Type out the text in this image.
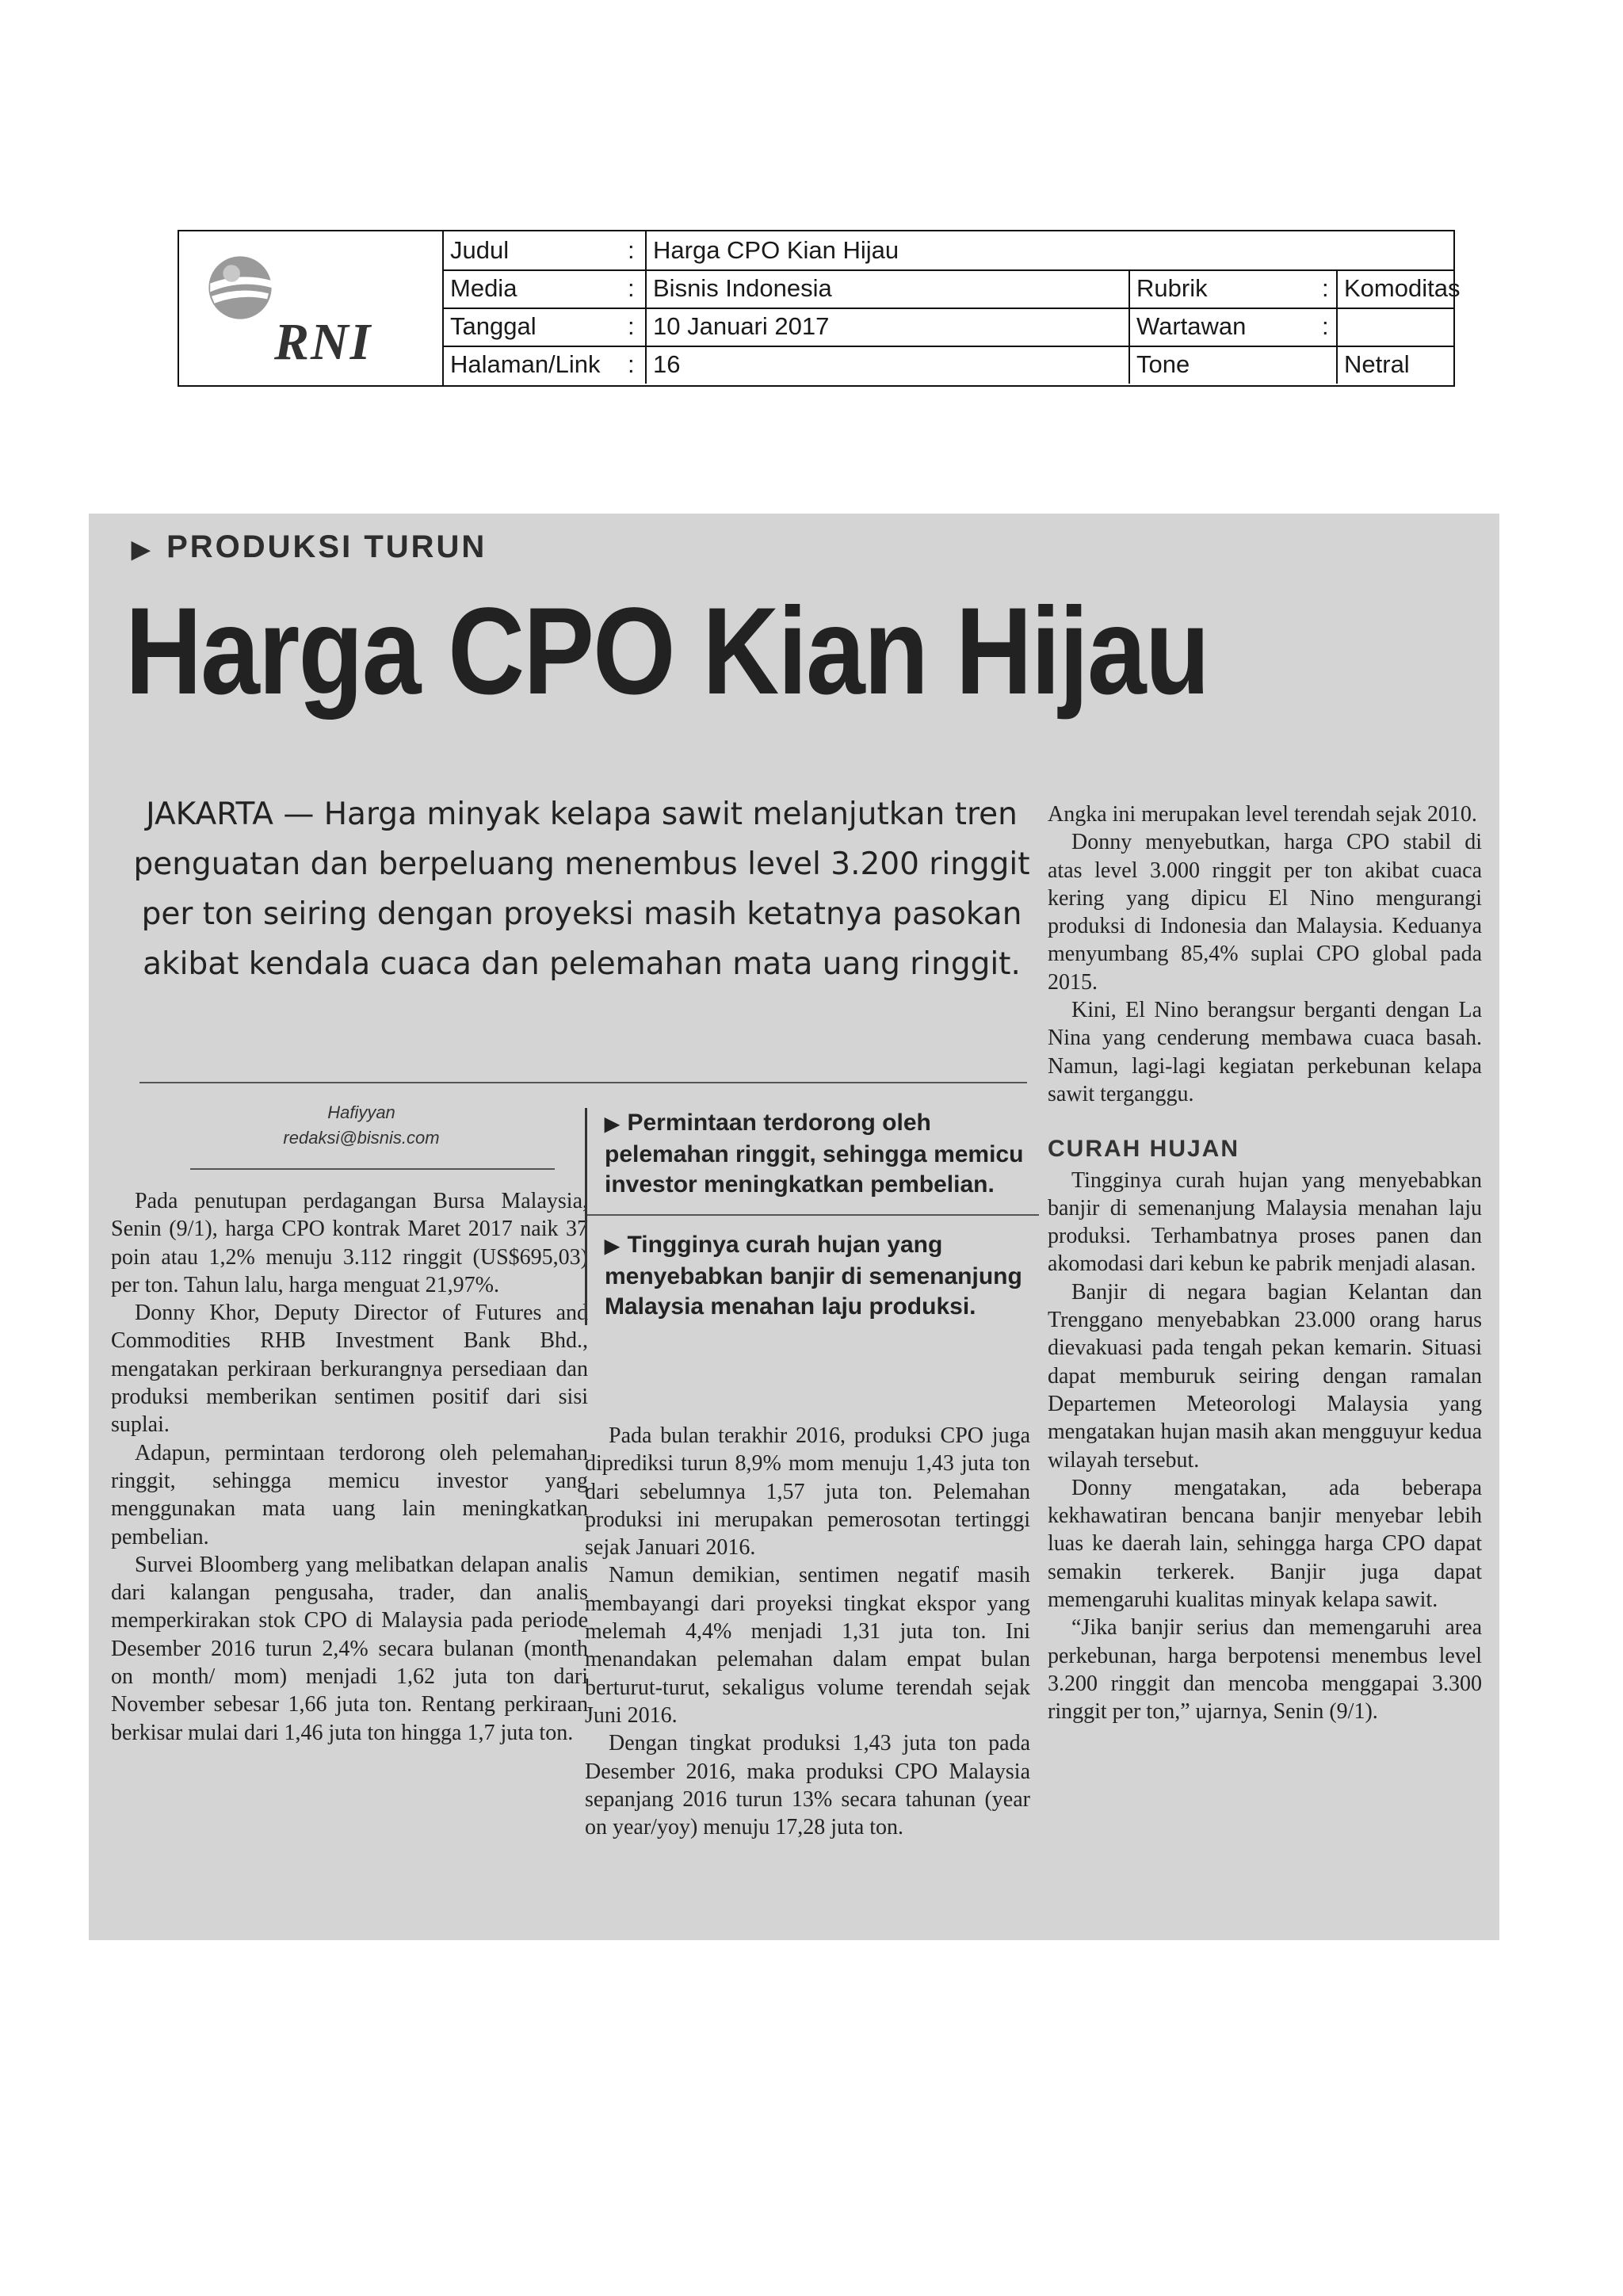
RNI
Judul	: Harga CPO Kian Hijau
Media	: Bisnis Indonesia	Rubrik	: Komoditas
Tanggal	: 10 Januari 2017	Wartawan	:
Halaman/Link : 16	Tone	Netral
▶ PRODUKSI TURUN
Harga CPO Kian Hijau
JAKARTA — Harga minyak kelapa sawit melanjutkan tren penguatan dan berpeluang menembus level 3.200 ringgit per ton seiring dengan proyeksi masih ketatnya pasokan akibat kendala cuaca dan pelemahan mata uang ringgit.
Hafiyyan
redaksi@bisnis.com

Pada penutupan perdagangan Bursa Malaysia, Senin (9/1), harga CPO kontrak Maret 2017 naik 37 poin atau 1,2% menuju 3.112 ringgit (US$695,03) per ton. Tahun lalu, harga menguat 21,97%.

Donny Khor, Deputy Director of Futures and Commodities RHB Investment Bank Bhd., mengatakan perkiraan berkurangnya persediaan dan produksi memberikan sentimen positif dari sisi suplai.

Adapun, permintaan terdorong oleh pelemahan ringgit, sehingga memicu investor yang menggunakan mata uang lain meningkatkan pembelian.

Survei Bloomberg yang melibatkan delapan analis dari kalangan pengusaha, trader, dan analis memperkirakan stok CPO di Malaysia pada periode Desember 2016 turun 2,4% secara bulanan (month on month/ mom) menjadi 1,62 juta ton dari November sebesar 1,66 juta ton. Rentang perkiraan berkisar mulai dari 1,46 juta ton hingga 1,7 juta ton.

▶ Permintaan terdorong oleh pelemahan ringgit, sehingga memicu investor meningkatkan pembelian.
▶ Tingginya curah hujan yang menyebabkan banjir di semenanjung Malaysia menahan laju produksi.

Pada bulan terakhir 2016, produksi CPO juga diprediksi turun 8,9% mom menuju 1,43 juta ton dari sebelumnya 1,57 juta ton. Pelemahan produksi ini merupakan pemerosotan tertinggi sejak Januari 2016.

Namun demikian, sentimen negatif masih membayangi dari proyeksi tingkat ekspor yang melemah 4,4% menjadi 1,31 juta ton. Ini menandakan pelemahan dalam empat bulan berturut-turut, sekaligus volume terendah sejak Juni 2016.

Dengan tingkat produksi 1,43 juta ton pada Desember 2016, maka produksi CPO Malaysia sepanjang 2016 turun 13% secara tahunan (year on year/yoy) menuju 17,28 juta ton.

Angka ini merupakan level terendah sejak 2010.

Donny menyebutkan, harga CPO stabil di atas level 3.000 ringgit per ton akibat cuaca kering yang dipicu El Nino mengurangi produksi di Indonesia dan Malaysia. Keduanya menyumbang 85,4% suplai CPO global pada 2015.

Kini, El Nino berangsur berganti dengan La Nina yang cenderung membawa cuaca basah. Namun, lagi-lagi kegiatan perkebunan kelapa sawit terganggu.

CURAH HUJAN

Tingginya curah hujan yang menyebabkan banjir di semenanjung Malaysia menahan laju produksi. Terhambatnya proses panen dan akomodasi dari kebun ke pabrik menjadi alasan.

Banjir di negara bagian Kelantan dan Trenggano menyebabkan 23.000 orang harus dievakuasi pada tengah pekan kemarin. Situasi dapat memburuk seiring dengan ramalan Departemen Meteorologi Malaysia yang mengatakan hujan masih akan mengguyur kedua wilayah tersebut.

Donny mengatakan, ada beberapa kekhawatiran bencana banjir menyebar lebih luas ke daerah lain, sehingga harga CPO dapat semakin terkerek. Banjir juga dapat memengaruhi kualitas minyak kelapa sawit.

“Jika banjir serius dan memengaruhi area perkebunan, harga berpotensi menembus level 3.200 ringgit dan mencoba menggapai 3.300 ringgit per ton,” ujarnya, Senin (9/1).
